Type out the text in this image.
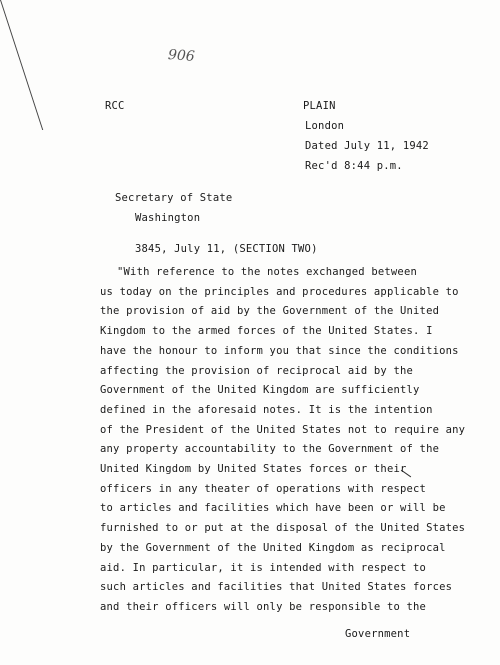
906
RCC	PLAIN
London
Dated July 11, 1942
Rec'd 8:44 p.m.
Secretary of State
Washington
3845, July 11, (SECTION TWO)
"With reference to the notes exchanged between
us today on the principles and procedures applicable to
the provision of aid by the Government of the United
Kingdom to the armed forces of the United States. I
have the honour to inform you that since the conditions
affecting the provision of reciprocal aid by the
Government of the United Kingdom are sufficiently
defined in the aforesaid notes. It is the intention
of the President of the United States not to require any
any property accountability to the Government of the
United Kingdom by United States forces or their
officers in any theater of operations with respect
to articles and facilities which have been or will be
furnished to or put at the disposal of the United States
by the Government of the United Kingdom as reciprocal
aid. In particular, it is intended with respect to
such articles and facilities that United States forces
and their officers will only be responsible to the
Government
